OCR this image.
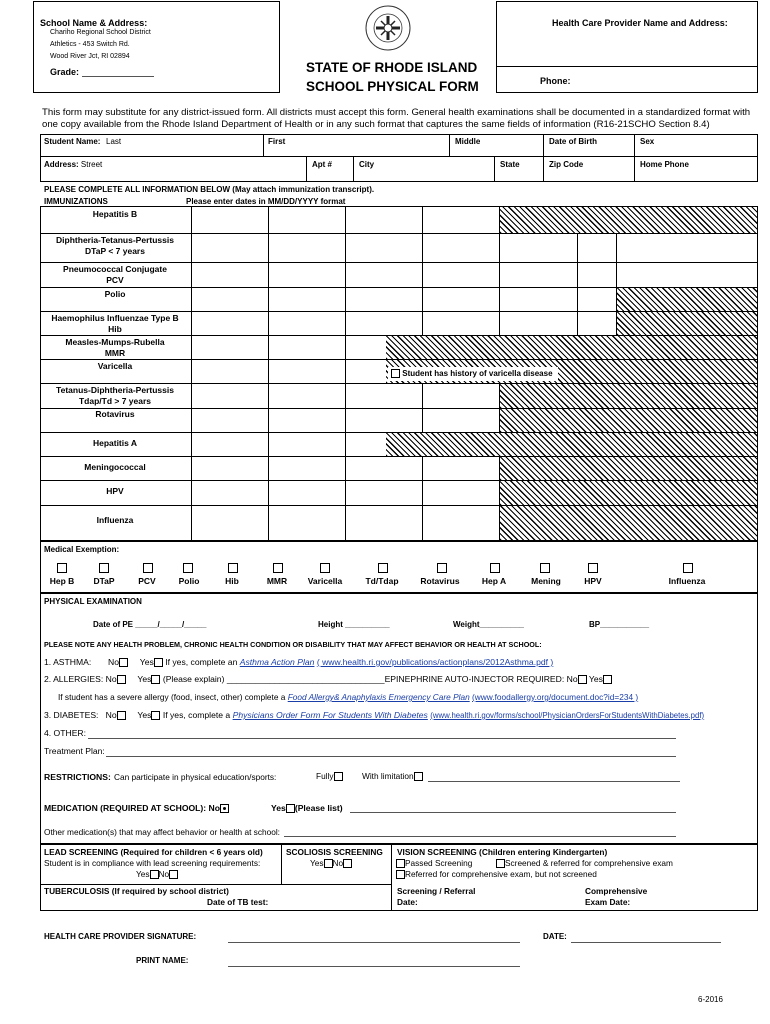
School Name & Address:
Chariho Regional School District
Athletics - 453 Switch Rd.
Wood River Jct, RI 02894
Grade:	STATE OF RHODE ISLAND
SCHOOL PHYSICAL FORM
Health Care Provider Name and Address:
Phone:
This form may substitute for any district-issued form. All districts must accept this form. General health examinations shall be documented in a standardized format with one copy available from the Rhode Island Department of Health or in any such format that captures the same fields of information (R16-21SCHO Section 8.4)
Student Name: Last	First	Middle	Date of Birth	Sex
Address: Street	Apt #	City	State	Zip Code	Home Phone
PLEASE COMPLETE ALL INFORMATION BELOW (May attach immunization transcript).
IMMUNIZATIONS	Please enter dates in MM/DD/YYYY format
Hepatitis B
Diphtheria-Tetanus-Pertussis
DTaP < 7 years
Pneumococcal Conjugate
PCV
Polio
Haemophilus Influenzae Type B
Hib
Measles-Mumps-Rubella
MMR
Varicella
Tetanus-Diphtheria-Pertussis
Tdap/Td > 7 years
Rotavirus
Hepatitis A
Meningococcal
HPV
Influenza
Student has history of varicella disease
Medical Exemption:
Hep B	DTaP	PCV	Polio	Hib	MMR	Varicella	Td/Tdap	Rotavirus	Hep A	Mening	HPV	Influenza
PHYSICAL EXAMINATION
Date of PE _____/_____/_____	Height __________	Weight__________	BP___________
PLEASE NOTE ANY HEALTH PROBLEM, CHRONIC HEALTH CONDITION OR DISABILITY THAT MAY AFFECT BEHAVIOR OR HEALTH AT SCHOOL:
1. ASTHMA: No Yes If yes, complete an Asthma Action Plan ( www.health.ri.gov/publications/actionplans/2012Asthma.pdf )
2. ALLERGIES: No Yes (Please explain) _________________________________EPINEPHRINE AUTO-INJECTOR REQUIRED: No Yes
If student has a severe allergy (food, insect, other) complete a Food Allergy& Anaphylaxis Emergency Care Plan (www.foodallergy.org/document.doc?id=234 )
3. DIABETES: No Yes If yes, complete a Physicians Order Form For Students With Diabetes (www.health.ri.gov/forms/school/PhysicianOrdersForStudentsWithDiabetes.pdf)
4. OTHER:
Treatment Plan:
RESTRICTIONS: Can participate in physical education/sports:	Fully	With limitation
MEDICATION (REQUIRED AT SCHOOL): No	Yes (Please list)
Other medication(s) that may affect behavior or health at school:
LEAD SCREENING (Required for children < 6 years old)
Student is in compliance with lead screening requirements:
Yes No
SCOLIOSIS SCREENING
Yes No
VISION SCREENING (Children entering Kindergarten)
Passed Screening	Screened & referred for comprehensive exam
Referred for comprehensive exam, but not screened
TUBERCULOSIS (If required by school district)
Date of TB test:
Screening / Referral
Date:
Comprehensive
Exam Date:
HEALTH CARE PROVIDER SIGNATURE:	DATE:
PRINT NAME:
6-2016
